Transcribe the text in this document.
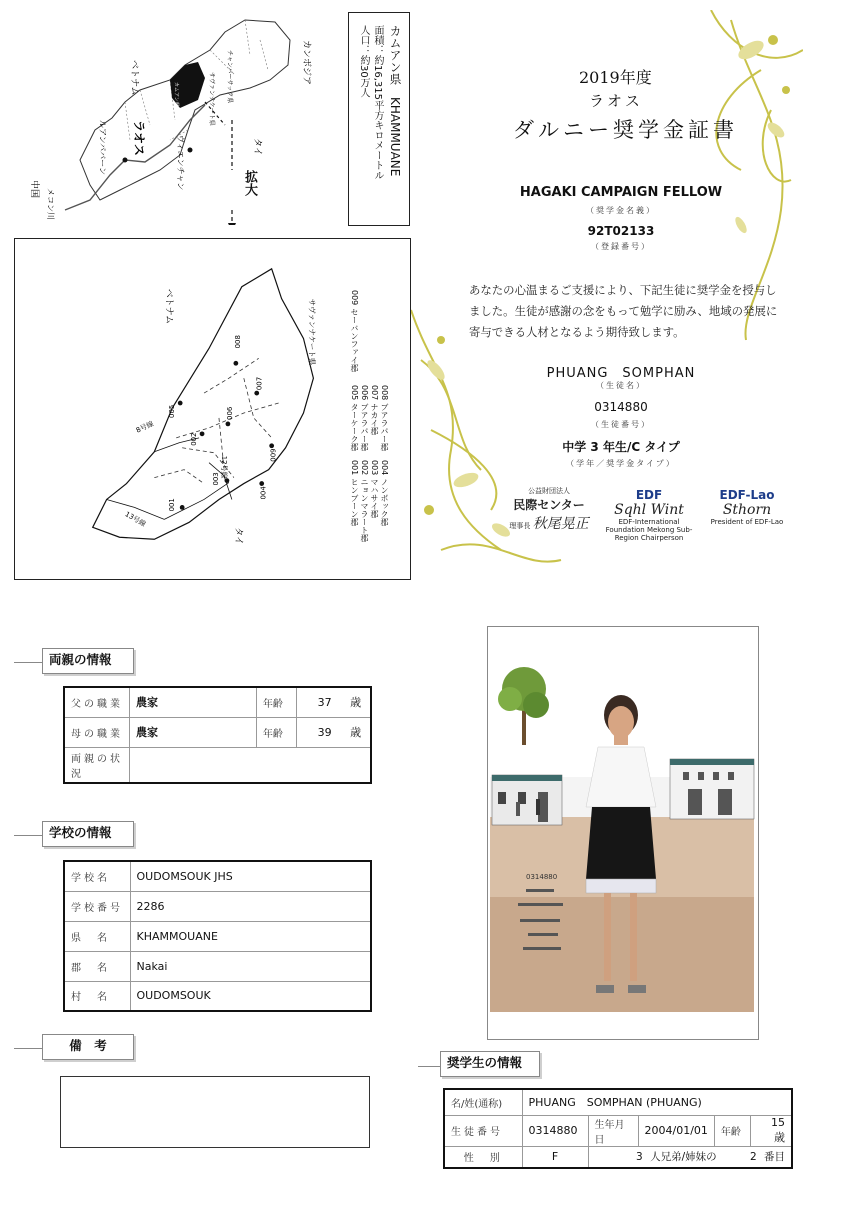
ベトナム	カンボジア
ラオス
中国
タイ
メコン川
ルアンパバーン	ヴィエンチャン
サヴァンナケート県 チャンパーサック県
カムアン県
拡大
カムアン県　KHAMMUANE
面積：約16,315平方キロメートル
人口：約30万人
001
002
003
004
005	006
007
008
009
ベトナム
タイ
サヴァンナケート県
13号線
8号線
12号線	001 ヒンブーン郡 002 ニョンマラート郡 003 マハサイ郡 004 ノンボック郡
005 ターケーク郡 006 ブアラパー郡 007 ナカイ郡 008 ブアラパー郡
009 セーバンファイ郡
2019年度
ラオス
ダルニー奨学金証書
HAGAKI CAMPAIGN FELLOW
（奨学金名義）
92T02133
（登録番号）
あなたの心温まるご支援により、下記生徒に奨学金を授与しました。生徒が感謝の念をもって勉学に励み、地域の発展に寄与できる人材となるよう期待致します。
PHUANG　SOMPHAN
（生徒名）
0314880
（生徒番号）
中学 3 年生/C タイプ
（学年／奨学金タイプ）
公益財団法人
民際センター
理事長 秋尾晃正
EDF
Sqhl Wint
EDF-International Foundation Mekong Sub-Region Chairperson
EDF-Lao
Sthorn
President of EDF-Lao
両親の情報
父の職業	農家	年齢	37 歳
母の職業	農家	年齢	39 歳
両親の状況			
学校の情報
学校名	OUDOMSOUK JHS
学校番号	2286
県　名	KHAMMOUANE
郡　名	Nakai
村　名	OUDOMSOUK
備　考
0314880
奨学生の情報
名/姓(通称)	PHUANG　SOMPHAN (PHUANG)				
生徒番号	0314880	生年月日	2004/01/01	年齢	15 歳
性　別	F	3 人兄弟/姉妹の 2 番目			
